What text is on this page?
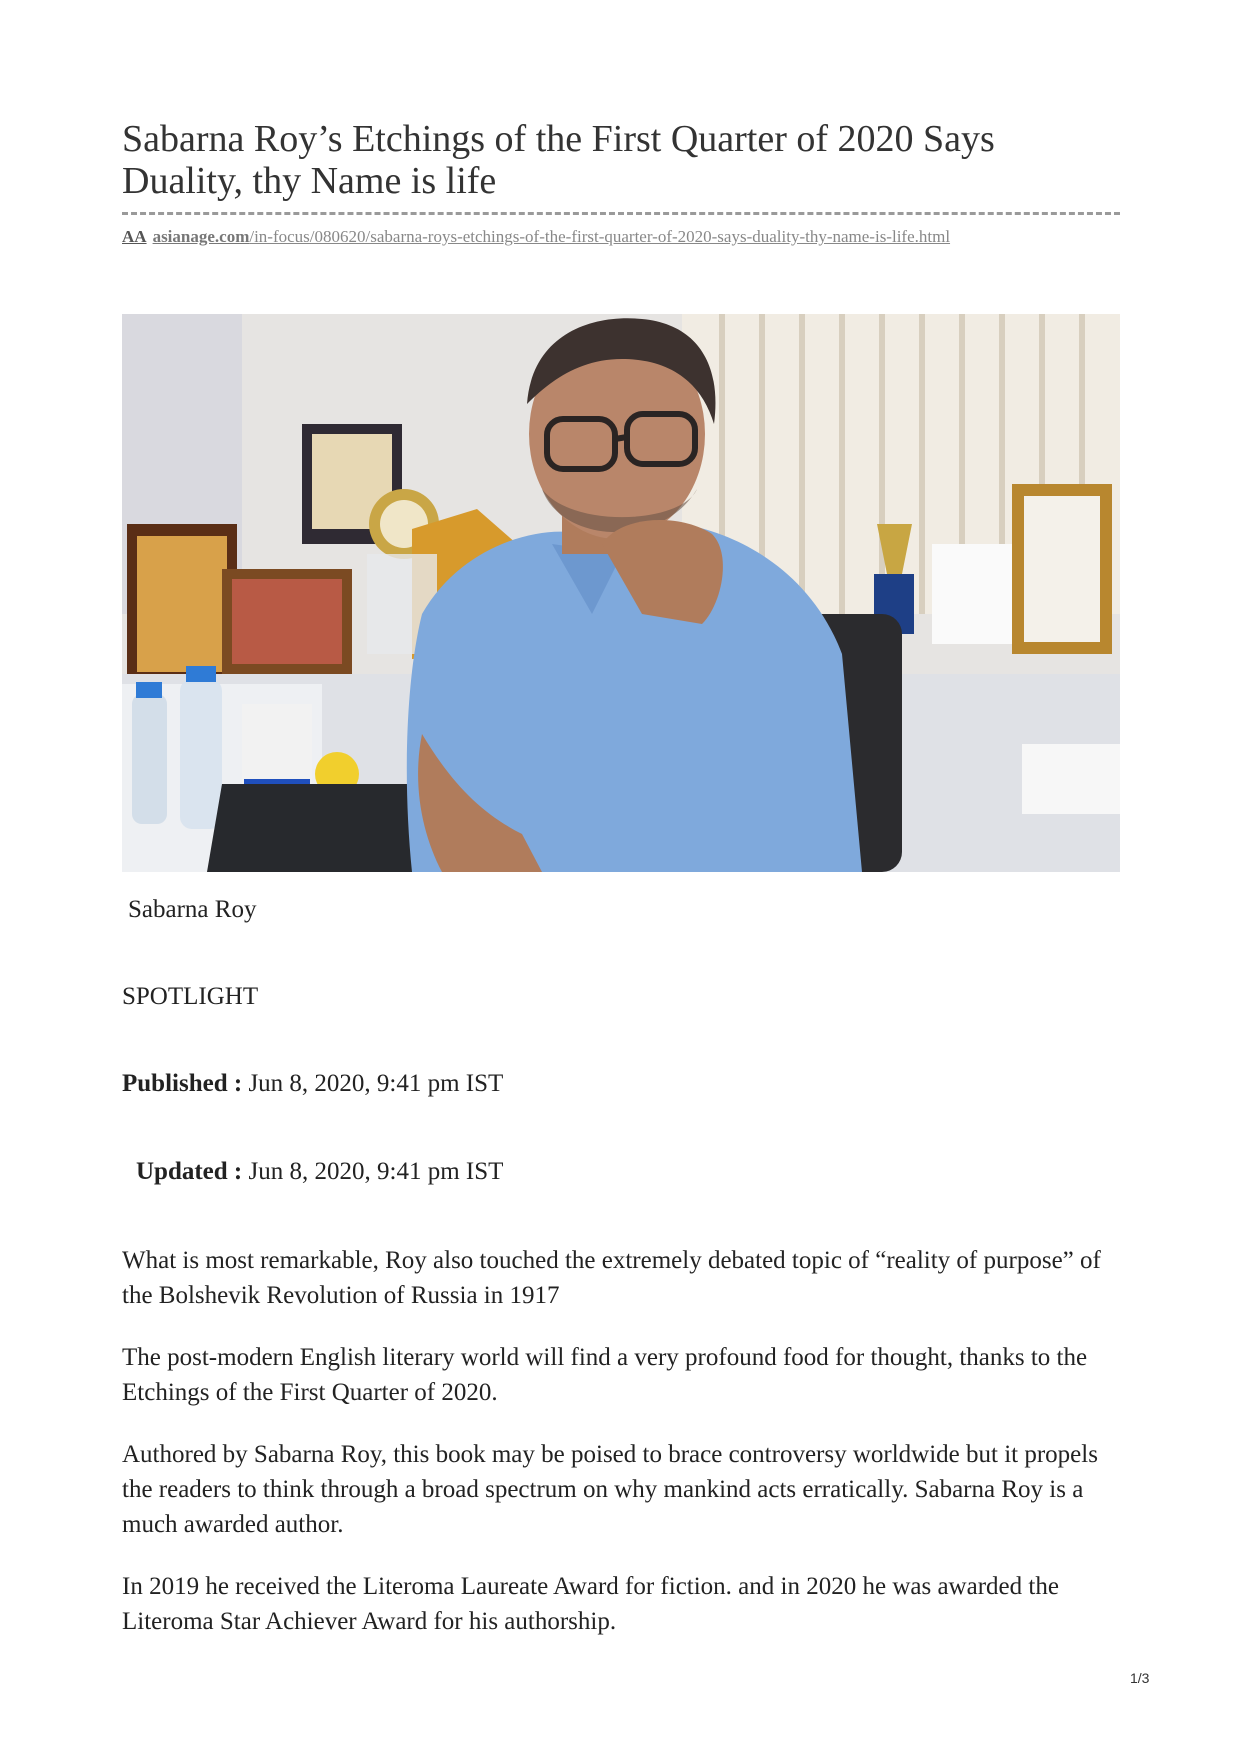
Sabarna Roy’s Etchings of the First Quarter of 2020 Says Duality, thy Name is life
AA asianage.com/in-focus/080620/sabarna-roys-etchings-of-the-first-quarter-of-2020-says-duality-thy-name-is-life.html
Sabarna Roy
SPOTLIGHT
Published : Jun 8, 2020, 9:41 pm IST
Updated : Jun 8, 2020, 9:41 pm IST

What is most remarkable, Roy also touched the extremely debated topic of “reality of purpose” of the Bolshevik Revolution of Russia in 1917

The post-modern English literary world will find a very profound food for thought, thanks to the Etchings of the First Quarter of 2020.

Authored by Sabarna Roy, this book may be poised to brace controversy worldwide but it propels the readers to think through a broad spectrum on why mankind acts erratically. Sabarna Roy is a much awarded author.

In 2019 he received the Literoma Laureate Award for fiction. and in 2020 he was awarded the Literoma Star Achiever Award for his authorship.

1/3
